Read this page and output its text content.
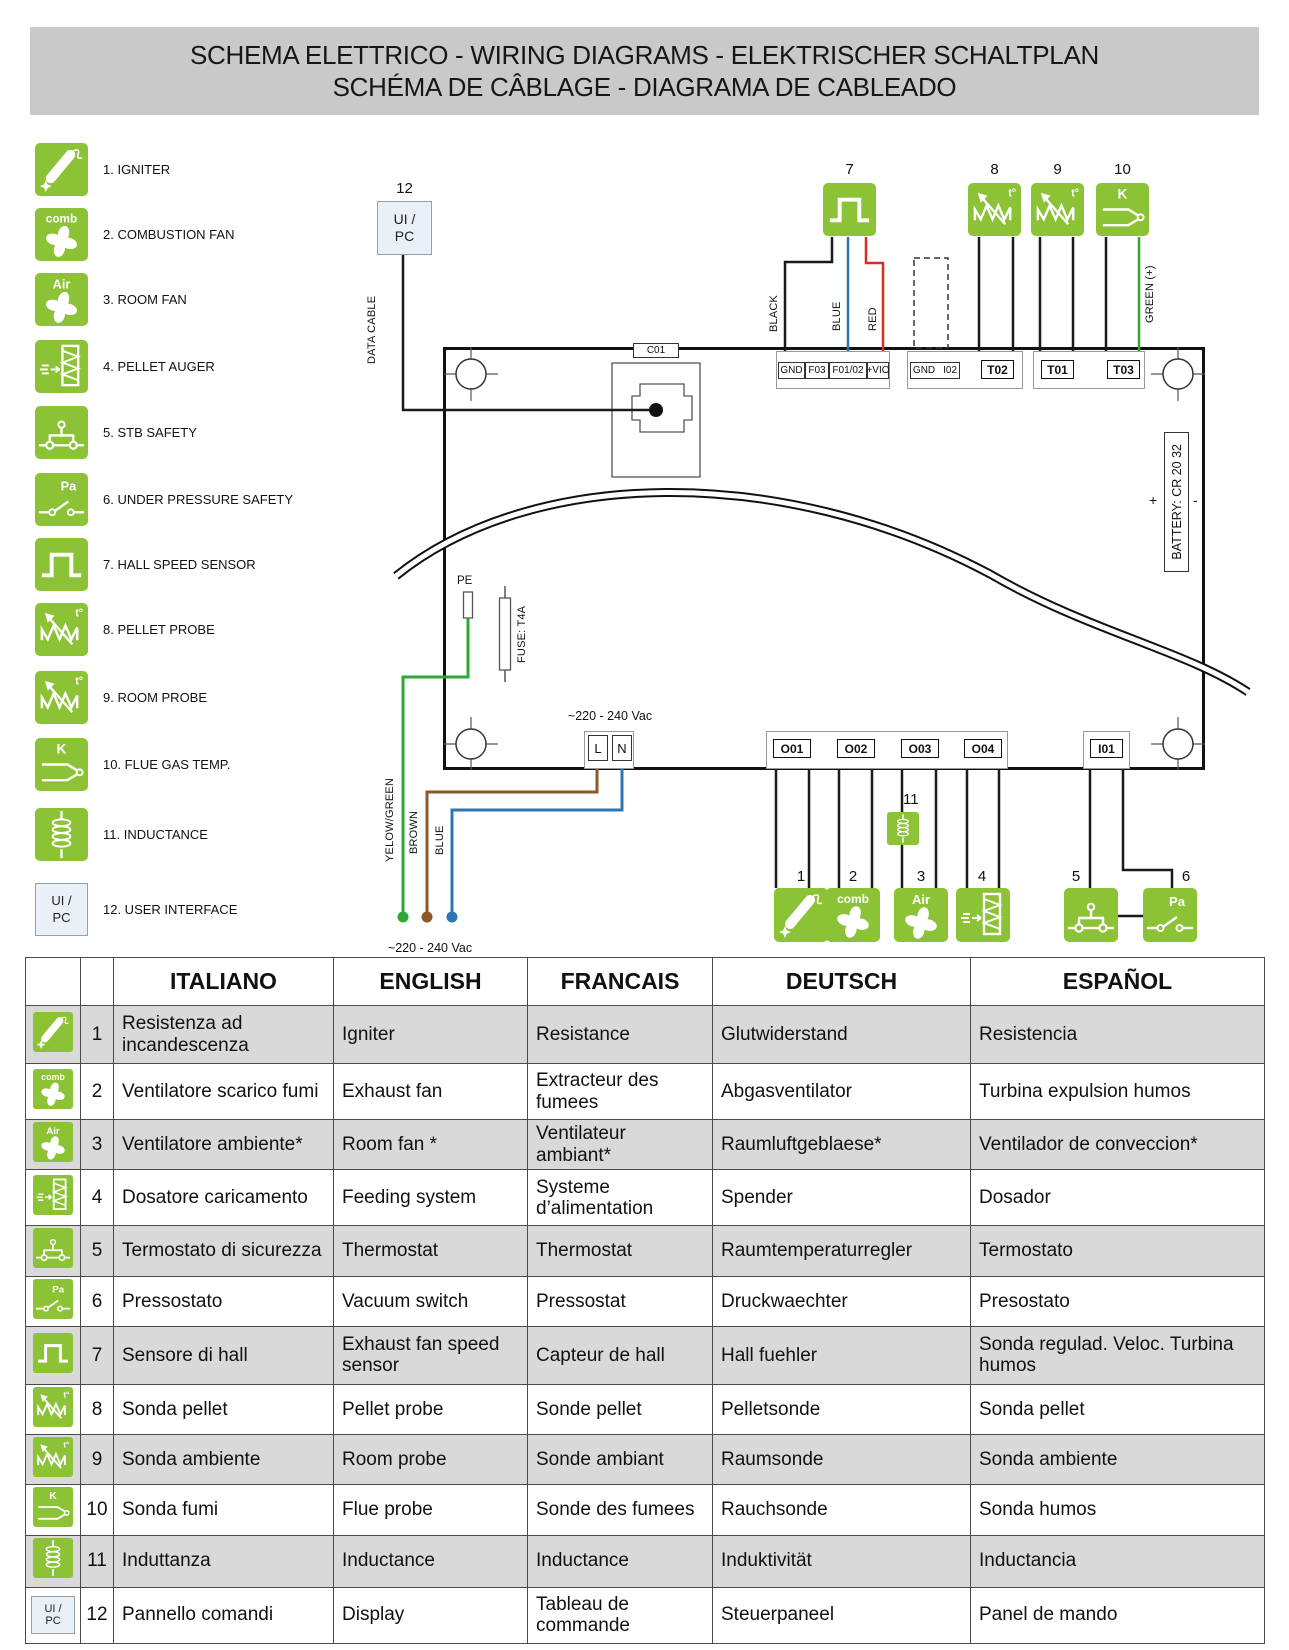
SCHEMA ELETTRICO - WIRING DIAGRAMS - ELEKTRISCHER SCHALTPLAN
SCHÉMA DE CÂBLAGE - DIAGRAMA DE CABLEADO
1. IGNITER
comb
2. COMBUSTION FAN
Air
3. ROOM FAN
4. PELLET AUGER
5. STB SAFETY
Pa
6. UNDER PRESSURE SAFETY
7. HALL SPEED SENSOR
t°
8. PELLET PROBE
t°
9. ROOM PROBE
K
10. FLUE GAS TEMP.
11. INDUCTANCE
UI /
PC 12. USER INTERFACE
12
UI /
PC
DATA CABLE	C01
PE
FUSE: T4A
BATTERY: CR 20 32
+	-
~220 - 240 Vac
L	N
~220 - 240 Vac
GND F03 F01/02 +VIO GND I02	T02	T01	T03
BLACK	BLUE RED	GREEN (+)
YELOW/GREEN BROWN BLUE
7	8	9	10
t°	t°	K
O01	O02	O03	O04	I01
11
1	2	3	4	5	6
comb	Air	Pa
		ITALIANO	ENGLISH	FRANCAIS	DEUTSCH	ESPAÑOL

	1	Resistenza ad incandescenza	Igniter	Resistance	Glutwiderstand	Resistencia

comb	2	Ventilatore scarico fumi	Exhaust fan	Extracteur des fumees	Abgasventilator	Turbina expulsion humos

Air	3	Ventilatore ambiente*	Room fan *	Ventilateur ambiant*	Raumluftgeblaese*	Ventilador de conveccion*

	4	Dosatore caricamento	Feeding system	Systeme d’alimentation	Spender	Dosador

	5	Termostato di sicurezza	Thermostat	Thermostat	Raumtemperaturregler	Termostato

Pa	6	Pressostato	Vacuum switch	Pressostat	Druckwaechter	Presostato

	7	Sensore di hall	Exhaust fan speed sensor	Capteur de hall	Hall fuehler	Sonda regulad. Veloc. Turbina humos

t°	8	Sonda pellet	Pellet probe	Sonde pellet	Pelletsonde	Sonda pellet

t°	9	Sonda ambiente	Room probe	Sonde ambiant	Raumsonde	Sonda ambiente

K	10	Sonda fumi	Flue probe	Sonde des fumees	Rauchsonde	Sonda humos

	11	Induttanza	Inductance	Inductance	Induktivität	Inductancia

UI /
PC	12	Pannello comandi	Display	Tableau de commande	Steuerpaneel	Panel de mando
